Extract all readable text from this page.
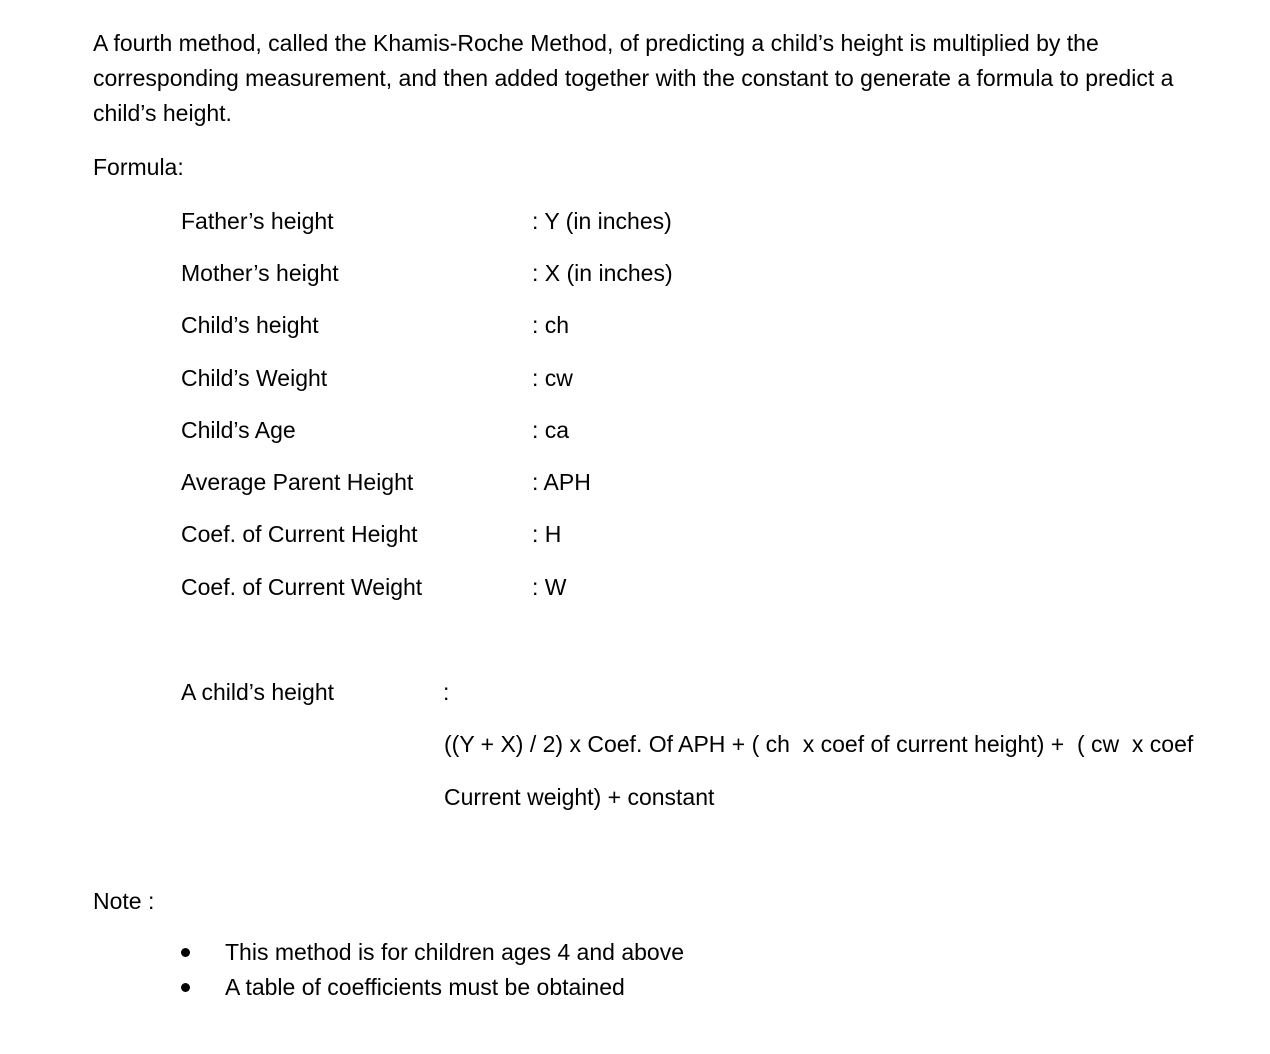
A fourth method, called the Khamis-Roche Method, of predicting a child’s height is multiplied by the corresponding measurement, and then added together with the constant to generate a formula to predict a child’s height.

Formula:

Father’s height	: Y (in inches)
Mother’s height	: X (in inches)
Child’s height	: ch
Child’s Weight	: cw
Child’s Age	: ca
Average Parent Height	: APH
Coef. of Current Height	: H
Coef. of Current Weight	: W
A child’s height	:
((Y + X) / 2) x Coef. Of APH + ( ch  x coef of current height) +  ( cw  x coef
Current weight) + constant
Note :
This method is for children ages 4 and above
A table of coefficients must be obtained
